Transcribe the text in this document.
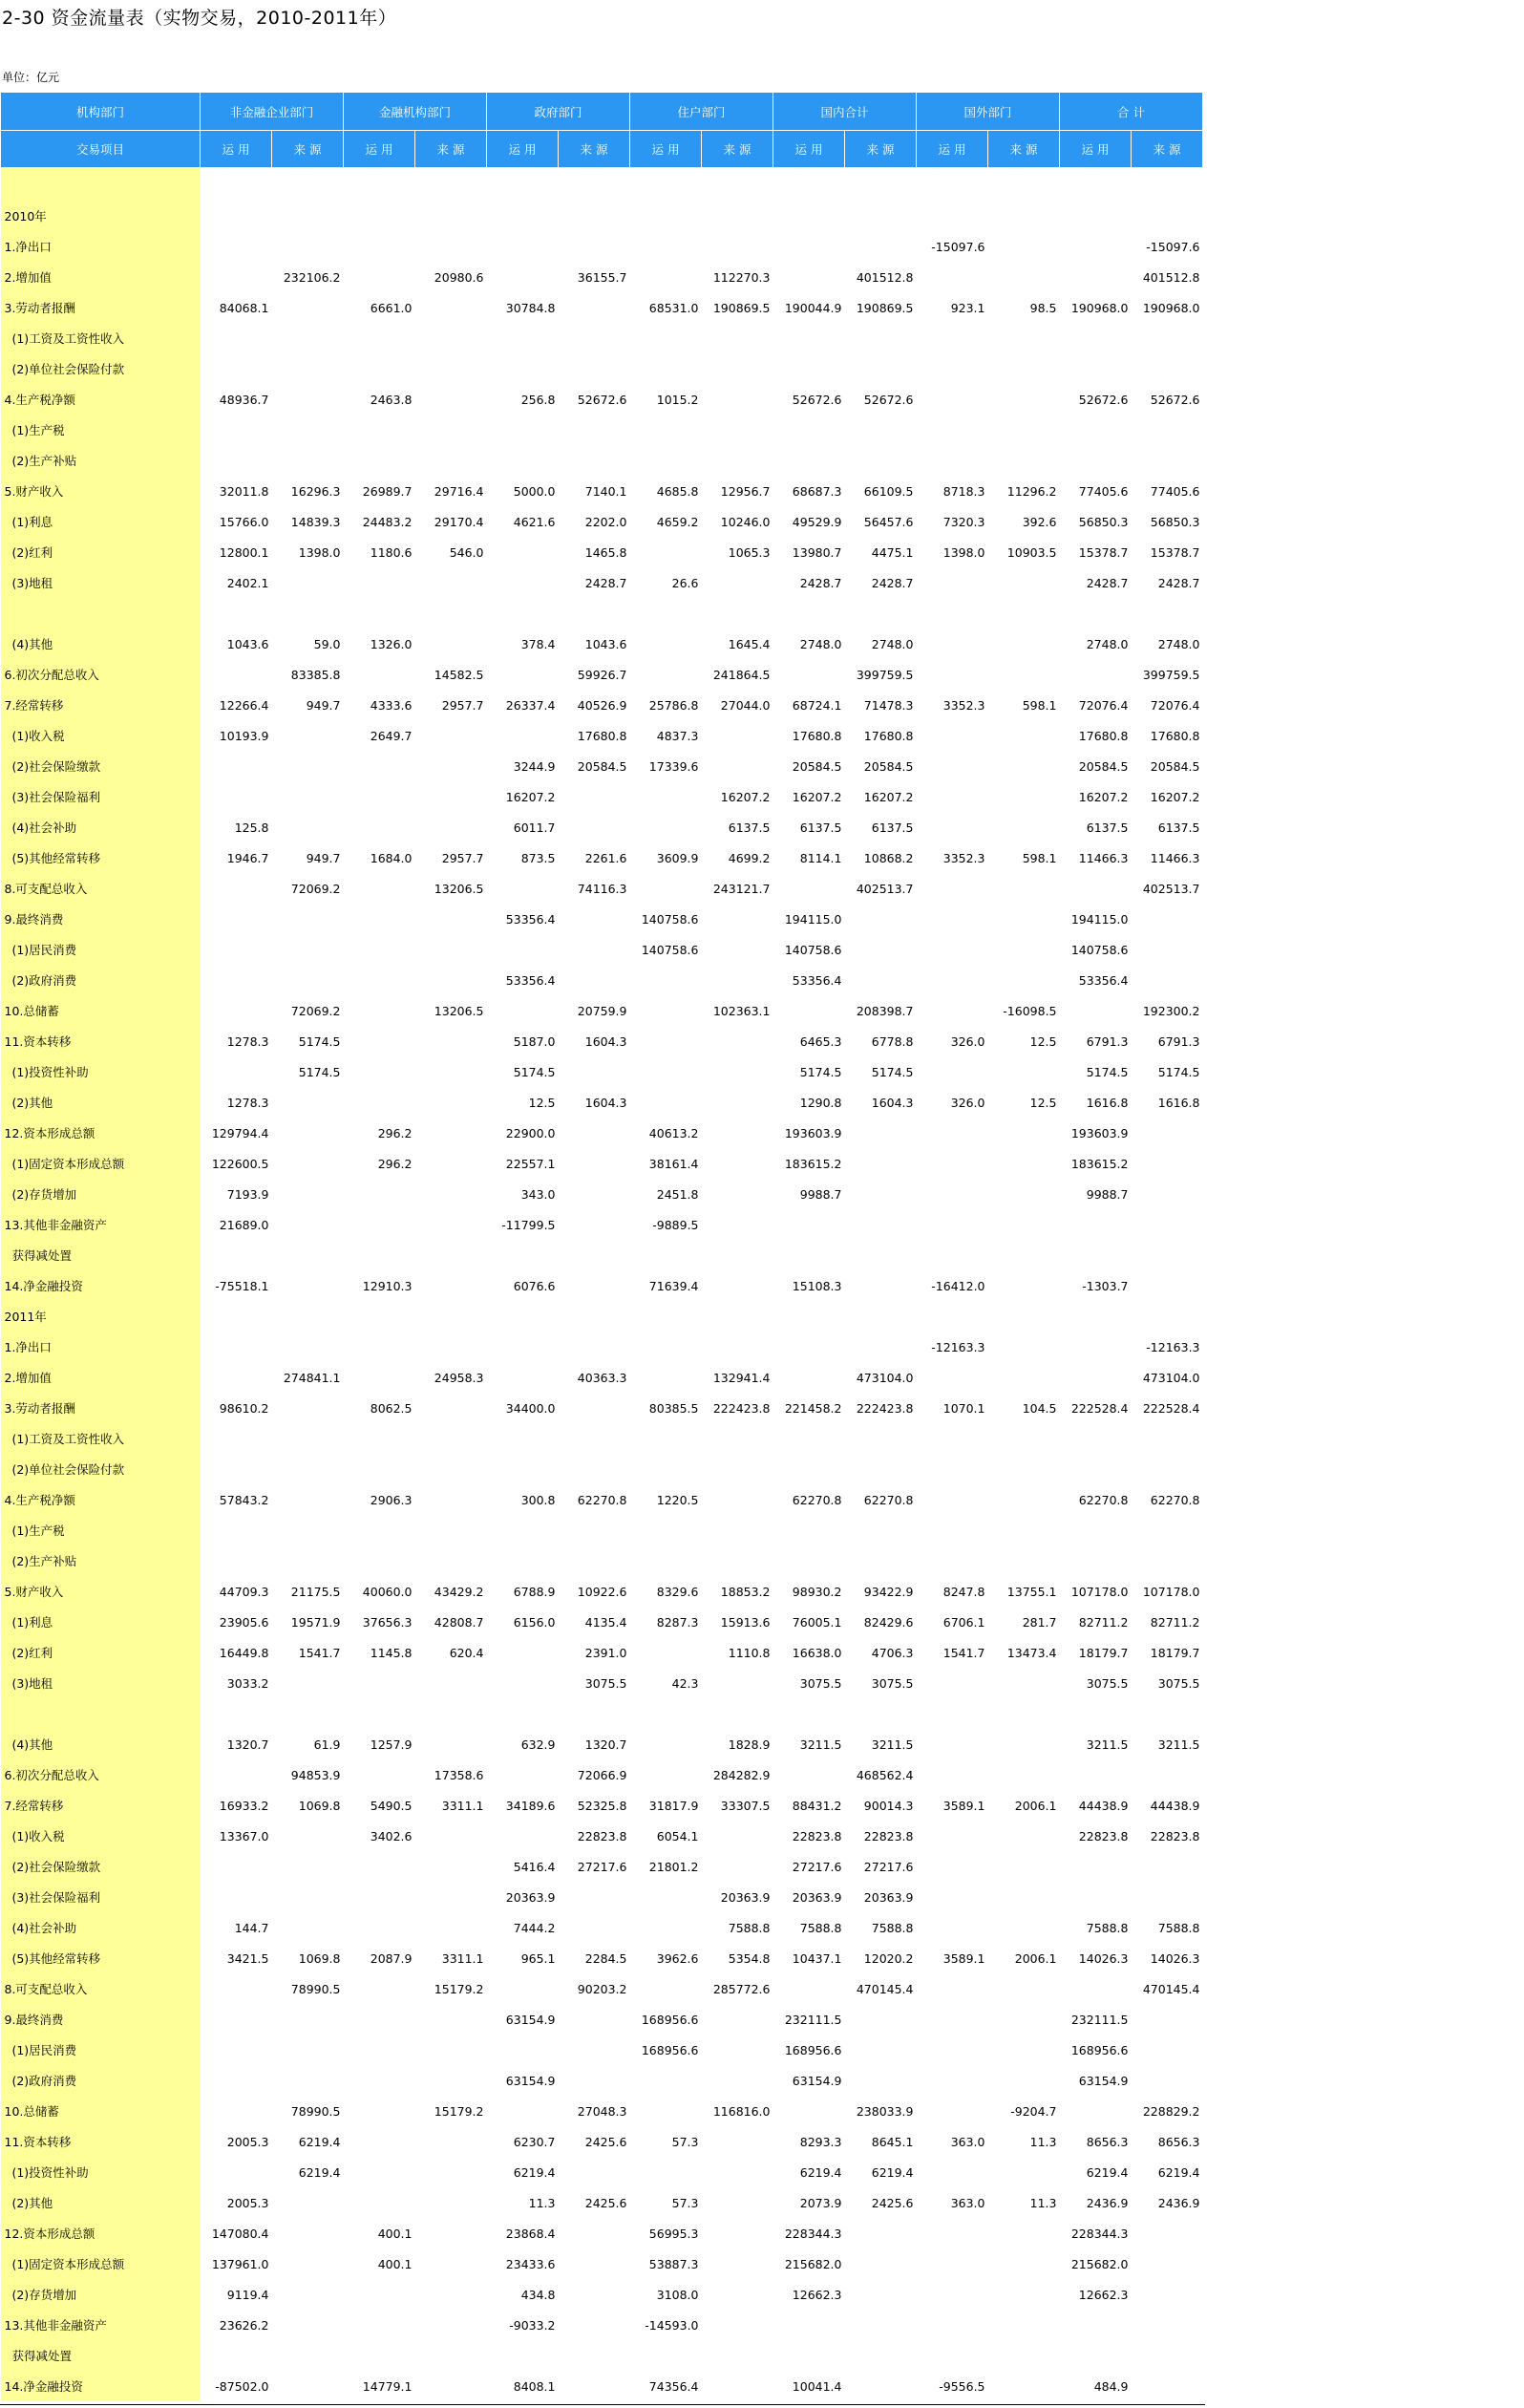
2-30 资金流量表（实物交易，2010-2011年）
单位：亿元
机构部门	非金融企业部门		金融机构部门		政府部门		住户部门		国内合计		国外部门		合 计	
交易项目	运 用	来 源	运 用	来 源	运 用	来 源	运 用	来 源	运 用	来 源	运 用	来 源	运 用	来 源

2010年														
1.净出口											-15097.6			-15097.6
2.增加值		232106.2		20980.6		36155.7		112270.3		401512.8				401512.8
3.劳动者报酬	84068.1		6661.0		30784.8		68531.0	190869.5	190044.9	190869.5	923.1	98.5	190968.0	190968.0
(1)工资及工资性收入														
(2)单位社会保险付款														
4.生产税净额	48936.7		2463.8		256.8	52672.6	1015.2		52672.6	52672.6			52672.6	52672.6
(1)生产税														
(2)生产补贴														
5.财产收入	32011.8	16296.3	26989.7	29716.4	5000.0	7140.1	4685.8	12956.7	68687.3	66109.5	8718.3	11296.2	77405.6	77405.6
(1)利息	15766.0	14839.3	24483.2	29170.4	4621.6	2202.0	4659.2	10246.0	49529.9	56457.6	7320.3	392.6	56850.3	56850.3
(2)红利	12800.1	1398.0	1180.6	546.0		1465.8		1065.3	13980.7	4475.1	1398.0	10903.5	15378.7	15378.7
(3)地租	2402.1					2428.7	26.6		2428.7	2428.7			2428.7	2428.7

(4)其他	1043.6	59.0	1326.0		378.4	1043.6		1645.4	2748.0	2748.0			2748.0	2748.0
6.初次分配总收入		83385.8		14582.5		59926.7		241864.5		399759.5				399759.5
7.经常转移	12266.4	949.7	4333.6	2957.7	26337.4	40526.9	25786.8	27044.0	68724.1	71478.3	3352.3	598.1	72076.4	72076.4
(1)收入税	10193.9		2649.7			17680.8	4837.3		17680.8	17680.8			17680.8	17680.8
(2)社会保险缴款					3244.9	20584.5	17339.6		20584.5	20584.5			20584.5	20584.5
(3)社会保险福利					16207.2			16207.2	16207.2	16207.2			16207.2	16207.2
(4)社会补助	125.8				6011.7			6137.5	6137.5	6137.5			6137.5	6137.5
(5)其他经常转移	1946.7	949.7	1684.0	2957.7	873.5	2261.6	3609.9	4699.2	8114.1	10868.2	3352.3	598.1	11466.3	11466.3
8.可支配总收入		72069.2		13206.5		74116.3		243121.7		402513.7				402513.7
9.最终消费					53356.4		140758.6		194115.0				194115.0	
(1)居民消费							140758.6		140758.6				140758.6	
(2)政府消费					53356.4				53356.4				53356.4	
10.总储蓄		72069.2		13206.5		20759.9		102363.1		208398.7		-16098.5		192300.2
11.资本转移	1278.3	5174.5			5187.0	1604.3			6465.3	6778.8	326.0	12.5	6791.3	6791.3
(1)投资性补助		5174.5			5174.5				5174.5	5174.5			5174.5	5174.5
(2)其他	1278.3				12.5	1604.3			1290.8	1604.3	326.0	12.5	1616.8	1616.8
12.资本形成总额	129794.4		296.2		22900.0		40613.2		193603.9				193603.9	
(1)固定资本形成总额	122600.5		296.2		22557.1		38161.4		183615.2				183615.2	
(2)存货增加	7193.9				343.0		2451.8		9988.7				9988.7	
13.其他非金融资产	21689.0				-11799.5		-9889.5							
获得减处置														
14.净金融投资	-75518.1		12910.3		6076.6		71639.4		15108.3		-16412.0		-1303.7	
2011年														
1.净出口											-12163.3			-12163.3
2.增加值		274841.1		24958.3		40363.3		132941.4		473104.0				473104.0
3.劳动者报酬	98610.2		8062.5		34400.0		80385.5	222423.8	221458.2	222423.8	1070.1	104.5	222528.4	222528.4
(1)工资及工资性收入														
(2)单位社会保险付款														
4.生产税净额	57843.2		2906.3		300.8	62270.8	1220.5		62270.8	62270.8			62270.8	62270.8
(1)生产税														
(2)生产补贴														
5.财产收入	44709.3	21175.5	40060.0	43429.2	6788.9	10922.6	8329.6	18853.2	98930.2	93422.9	8247.8	13755.1	107178.0	107178.0
(1)利息	23905.6	19571.9	37656.3	42808.7	6156.0	4135.4	8287.3	15913.6	76005.1	82429.6	6706.1	281.7	82711.2	82711.2
(2)红利	16449.8	1541.7	1145.8	620.4		2391.0		1110.8	16638.0	4706.3	1541.7	13473.4	18179.7	18179.7
(3)地租	3033.2					3075.5	42.3		3075.5	3075.5			3075.5	3075.5

(4)其他	1320.7	61.9	1257.9		632.9	1320.7		1828.9	3211.5	3211.5			3211.5	3211.5
6.初次分配总收入		94853.9		17358.6		72066.9		284282.9		468562.4				
7.经常转移	16933.2	1069.8	5490.5	3311.1	34189.6	52325.8	31817.9	33307.5	88431.2	90014.3	3589.1	2006.1	44438.9	44438.9
(1)收入税	13367.0		3402.6			22823.8	6054.1		22823.8	22823.8			22823.8	22823.8
(2)社会保险缴款					5416.4	27217.6	21801.2		27217.6	27217.6				
(3)社会保险福利					20363.9			20363.9	20363.9	20363.9				
(4)社会补助	144.7				7444.2			7588.8	7588.8	7588.8			7588.8	7588.8
(5)其他经常转移	3421.5	1069.8	2087.9	3311.1	965.1	2284.5	3962.6	5354.8	10437.1	12020.2	3589.1	2006.1	14026.3	14026.3
8.可支配总收入		78990.5		15179.2		90203.2		285772.6		470145.4				470145.4
9.最终消费					63154.9		168956.6		232111.5				232111.5	
(1)居民消费							168956.6		168956.6				168956.6	
(2)政府消费					63154.9				63154.9				63154.9	
10.总储蓄		78990.5		15179.2		27048.3		116816.0		238033.9		-9204.7		228829.2
11.资本转移	2005.3	6219.4			6230.7	2425.6	57.3		8293.3	8645.1	363.0	11.3	8656.3	8656.3
(1)投资性补助		6219.4			6219.4				6219.4	6219.4			6219.4	6219.4
(2)其他	2005.3				11.3	2425.6	57.3		2073.9	2425.6	363.0	11.3	2436.9	2436.9
12.资本形成总额	147080.4		400.1		23868.4		56995.3		228344.3				228344.3	
(1)固定资本形成总额	137961.0		400.1		23433.6		53887.3		215682.0				215682.0	
(2)存货增加	9119.4				434.8		3108.0		12662.3				12662.3	
13.其他非金融资产	23626.2				-9033.2		-14593.0							
获得减处置														
14.净金融投资	-87502.0		14779.1		8408.1		74356.4		10041.4		-9556.5		484.9	
